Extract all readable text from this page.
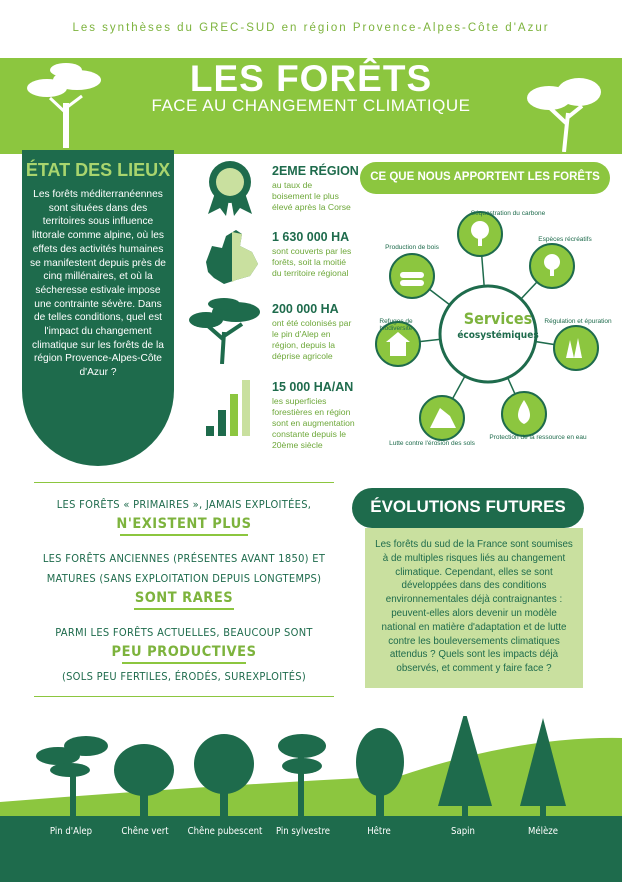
Les synthèses du GREC-SUD en région Provence-Alpes-Côte d'Azur
LES FORÊTS
FACE AU CHANGEMENT CLIMATIQUE
ÉTAT DES LIEUX
Les forêts méditerranéennes sont situées dans des territoires sous influence littorale comme alpine, où les effets des activités humaines se manifestent depuis près de cinq millénaires, et où la sécheresse estivale impose une contrainte sévère. Dans de telles conditions, quel est l'impact du changement climatique sur les forêts de la région Provence-Alpes-Côte d'Azur ?
2EME RÉGION
au taux de boisement le plus élevé après la Corse
1 630 000 HA
sont couverts par les forêts, soit la moitié du territoire régional
200 000 HA
ont été colonisés par le pin d'Alep en région, depuis la déprise agricole
15 000 HA/AN
les superficies forestières en région sont en augmentation constante depuis le 20ème siècle
CE QUE NOUS APPORTENT LES FORÊTS
Services
écosystémiques
Séquestration du carbone
Espèces récréatifs
Régulation et épuration
Protection de la ressource en eau
Lutte contre l'érosion des sols
Refuges de biodiversité
Production de bois
LES FORÊTS « PRIMAIRES », JAMAIS EXPLOITÉES,
N'EXISTENT PLUS
LES FORÊTS ANCIENNES (PRÉSENTES AVANT 1850) ET
MATURES (SANS EXPLOITATION DEPUIS LONGTEMPS)
SONT RARES
PARMI LES FORÊTS ACTUELLES, BEAUCOUP SONT
PEU PRODUCTIVES
(SOLS PEU FERTILES, ÉRODÉS, SUREXPLOITÉS)
ÉVOLUTIONS FUTURES
Les forêts du sud de la France sont soumises à de multiples risques liés au changement climatique. Cependant, elles se sont développées dans des conditions environnementales déjà contraignantes : peuvent-elles alors devenir un modèle national en matière d'adaptation et de lutte contre les bouleversements climatiques attendus ? Quels sont les impacts déjà observés, et comment y faire face ?
Pin d'Alep	Chêne vert	Chêne pubescent	Pin sylvestre	Hêtre	Sapin	Mélèze
